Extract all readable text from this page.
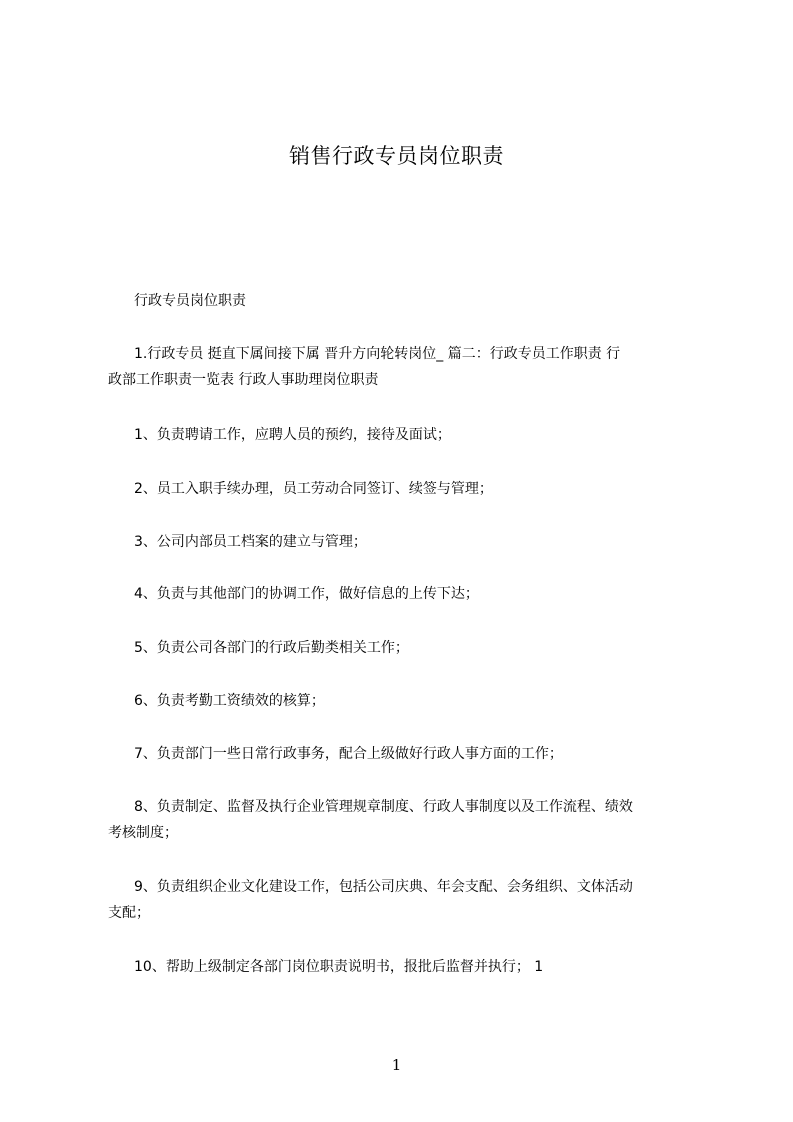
销售行政专员岗位职责
行政专员岗位职责
1.行政专员 挺直下属间接下属 晋升方向轮转岗位_ 篇二：行政专员工作职责 行
政部工作职责一览表 行政人事助理岗位职责
1、负责聘请工作，应聘人员的预约，接待及面试；
2、员工入职手续办理，员工劳动合同签订、续签与管理；
3、公司内部员工档案的建立与管理；
4、负责与其他部门的协调工作，做好信息的上传下达；
5、负责公司各部门的行政后勤类相关工作；
6、负责考勤工资绩效的核算；
7、负责部门一些日常行政事务，配合上级做好行政人事方面的工作；
8、负责制定、监督及执行企业管理规章制度、行政人事制度以及工作流程、绩效
考核制度；
9、负责组织企业文化建设工作，包括公司庆典、年会支配、会务组织、文体活动
支配；
10、帮助上级制定各部门岗位职责说明书，报批后监督并执行； 1
1
